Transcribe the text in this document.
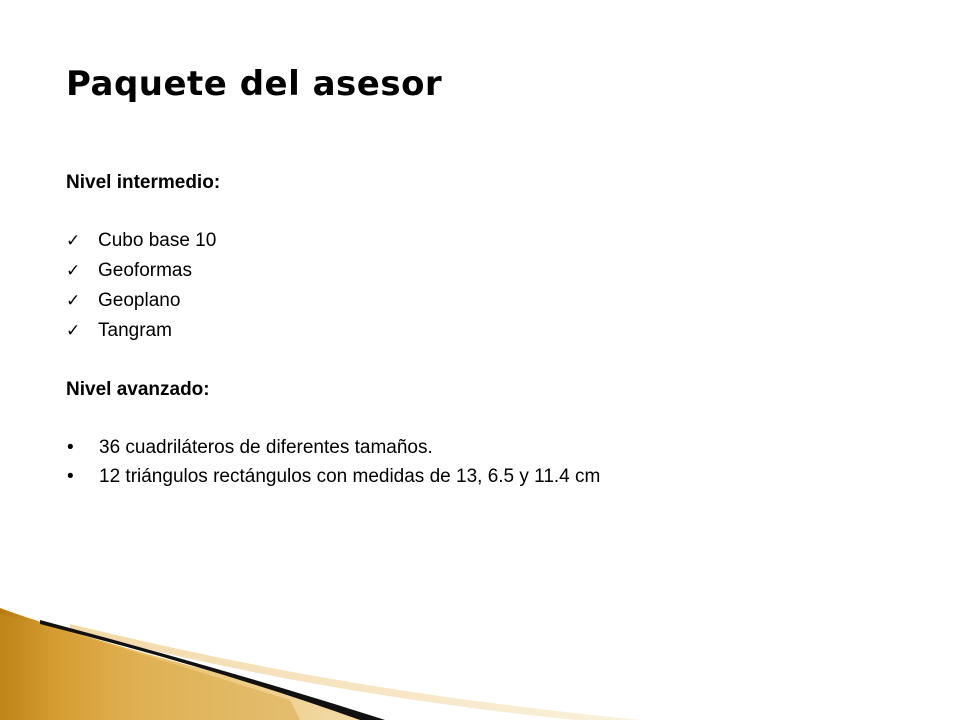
Paquete del asesor

Nivel intermedio:

✓ Cubo base 10
✓ Geoformas
✓ Geoplano
✓ Tangram

Nivel avanzado:

•	36 cuadriláteros de diferentes tamaños.
•	12 triángulos rectángulos con medidas de 13, 6.5 y 11.4 cm
